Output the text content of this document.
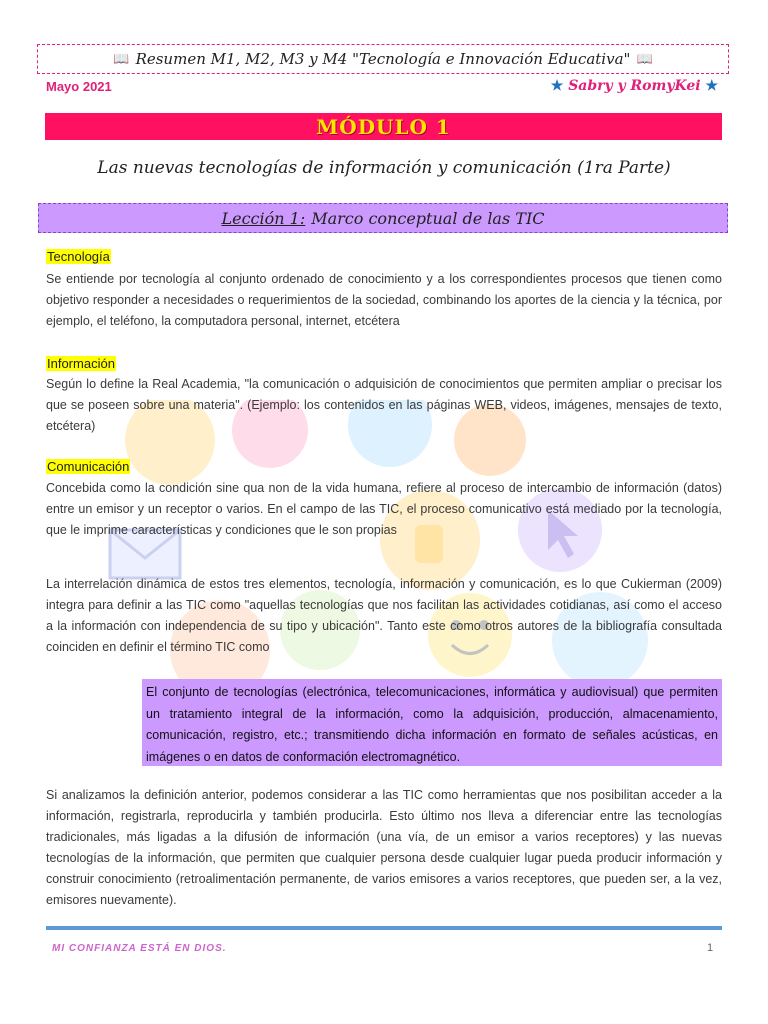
📖 Resumen M1, M2, M3 y M4 "Tecnología e Innovación Educativa" 📖
Mayo 2021	★ Sabry y RomyKei ★
MÓDULO 1
Las nuevas tecnologías de información y comunicación (1ra Parte)
Lección 1: Marco conceptual de las TIC
Tecnología
Se entiende por tecnología al conjunto ordenado de conocimiento y a los correspondientes procesos que tienen como objetivo responder a necesidades o requerimientos de la sociedad, combinando los aportes de la ciencia y la técnica, por ejemplo, el teléfono, la computadora personal, internet, etcétera
Información
Según lo define la Real Academia, "la comunicación o adquisición de conocimientos que permiten ampliar o precisar los que se poseen sobre una materia". (Ejemplo: los contenidos en las páginas WEB, videos, imágenes, mensajes de texto, etcétera)
Comunicación
Concebida como la condición sine qua non de la vida humana, refiere al proceso de intercambio de información (datos) entre un emisor y un receptor o varios. En el campo de las TIC, el proceso comunicativo está mediado por la tecnología, que le imprime características y condiciones que le son propias
La interrelación dinámica de estos tres elementos, tecnología, información y comunicación, es lo que Cukierman (2009) integra para definir a las TIC como "aquellas tecnologías que nos facilitan las actividades cotidianas, así como el acceso a la información con independencia de su tipo y ubicación". Tanto este como otros autores de la bibliografía consultada coinciden en definir el término TIC como
El conjunto de tecnologías (electrónica, telecomunicaciones, informática y audiovisual) que permiten un tratamiento integral de la información, como la adquisición, producción, almacenamiento, comunicación, registro, etc.; transmitiendo dicha información en formato de señales acústicas, en imágenes o en datos de conformación electromagnético.
Si analizamos la definición anterior, podemos considerar a las TIC como herramientas que nos posibilitan acceder a la información, registrarla, reproducirla y también producirla. Esto último nos lleva a diferenciar entre las tecnologías tradicionales, más ligadas a la difusión de información (una vía, de un emisor a varios receptores) y las nuevas tecnologías de la información, que permiten que cualquier persona desde cualquier lugar pueda producir información y construir conocimiento (retroalimentación permanente, de varios emisores a varios receptores, que pueden ser, a la vez, emisores nuevamente).
MI CONFIANZA ESTÁ EN DIOS.	1
